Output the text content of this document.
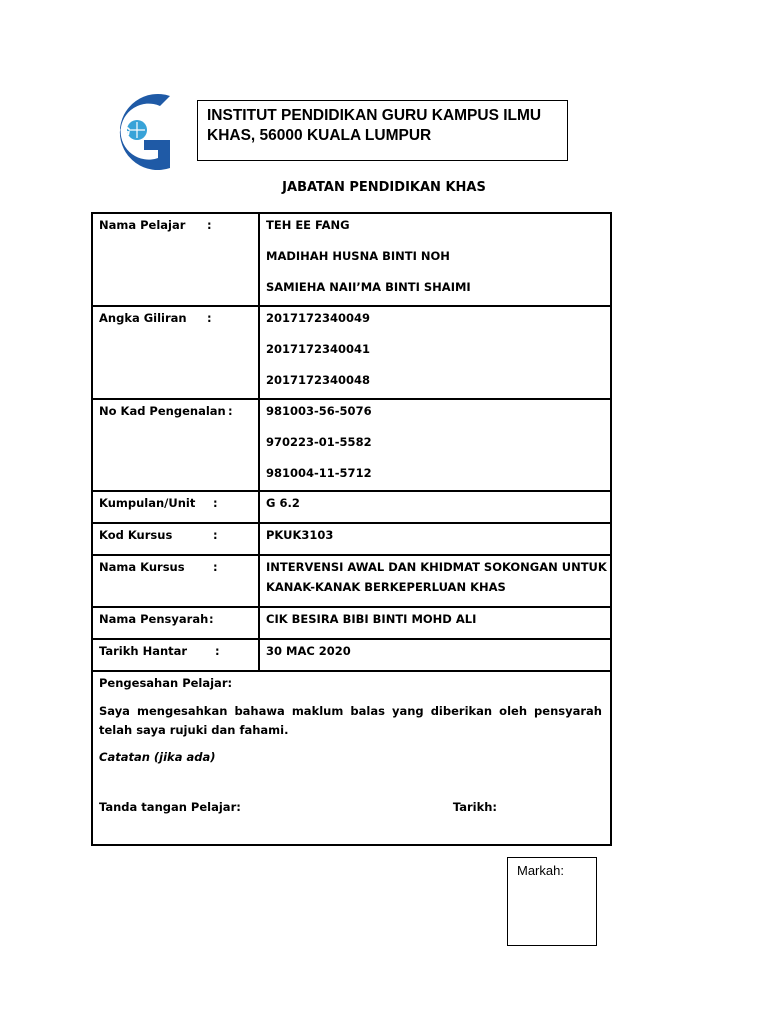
IPG
INSTITUT PENDIDIKAN GURU KAMPUS ILMU
KHAS, 56000 KUALA LUMPUR
JABATAN PENDIDIKAN KHAS
Nama Pelajar :	TEH EE FANG
MADIHAH HUSNA BINTI NOH
SAMIEHA NAII’MA BINTI SHAIMI

Angka Giliran :	2017172340049
2017172340041
2017172340048

No Kad Pengenalan :	981003-56-5076
970223-01-5582
981004-11-5712

Kumpulan/Unit :	G 6.2
Kod Kursus :	PKUK3103
Nama Kursus :	INTERVENSI AWAL DAN KHIDMAT SOKONGAN UNTUK
KANAK-KANAK BERKEPERLUAN KHAS

Nama Pensyarah:	CIK BESIRA BIBI BINTI MOHD ALI
Tarikh Hantar :	30 MAC 2020

Pengesahan Pelajar:
Saya mengesahkan bahawa maklum balas yang diberikan oleh pensyarah telah saya rujuki dan fahami.
Catatan (jika ada)
Tanda tangan Pelajar: Tarikh:	
Markah:
